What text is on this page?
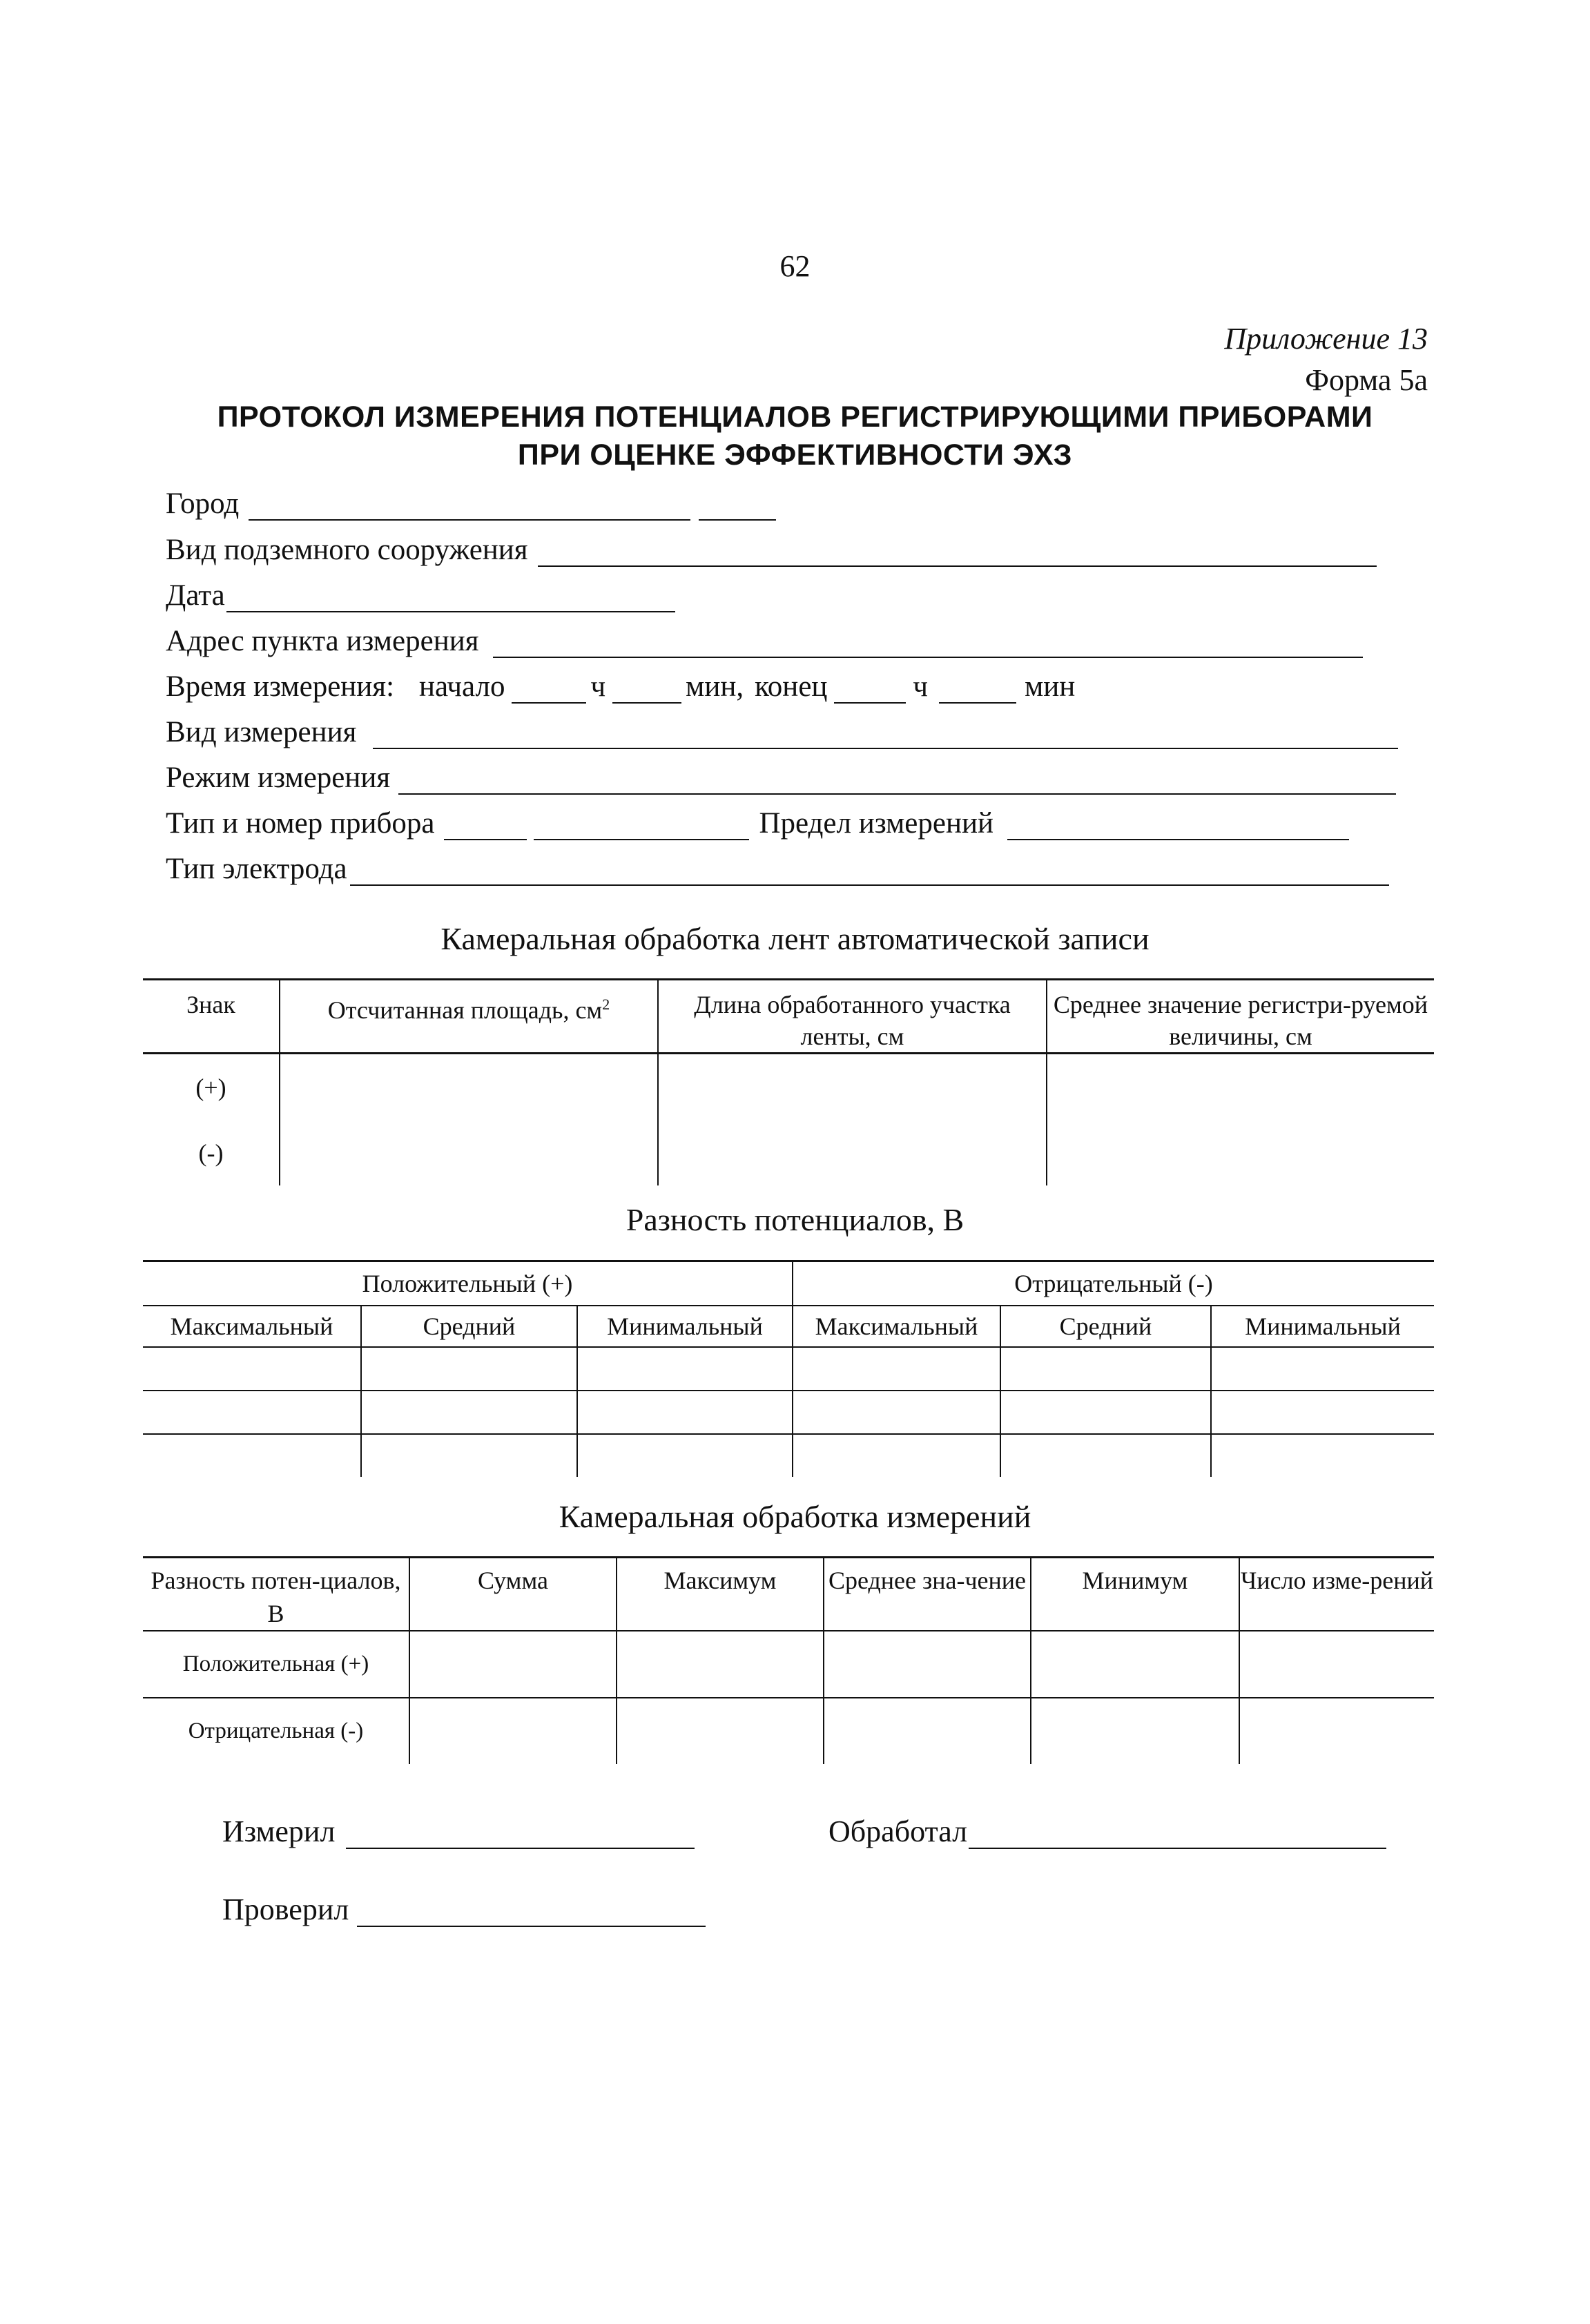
62
Приложение 13
Форма 5а
ПРОТОКОЛ ИЗМЕРЕНИЯ ПОТЕНЦИАЛОВ РЕГИСТРИРУЮЩИМИ ПРИБОРАМИ
ПРИ ОЦЕНКЕ ЭФФЕКТИВНОСТИ ЭХЗ
Город
Вид подземного сооружения
Дата
Адрес пункта измерения
Время измерения: начало	ч	мин, конец	ч	мин
Вид измерения
Режим измерения
Тип и номер прибора	Предел измерений
Тип электрода
Камеральная обработка лент автоматической записи
Знак	Отсчитанная площадь, $см^2$	Длина обработанного участка ленты, см	Среднее значение регистри-руемой величины, см
(+)			
(-)			
Разность потенциалов, В
Положительный (+)			Отрицательный (-)		
Максимальный	Средний	Минимальный	Максимальный	Средний	Минимальный

Камеральная обработка измерений
Разность потен-циалов, В	Сумма	Максимум	Среднее зна-чение	Минимум	Число изме-рений
Положительная (+)					
Отрицательная (-)					
Измерил	Обработал
Проверил
